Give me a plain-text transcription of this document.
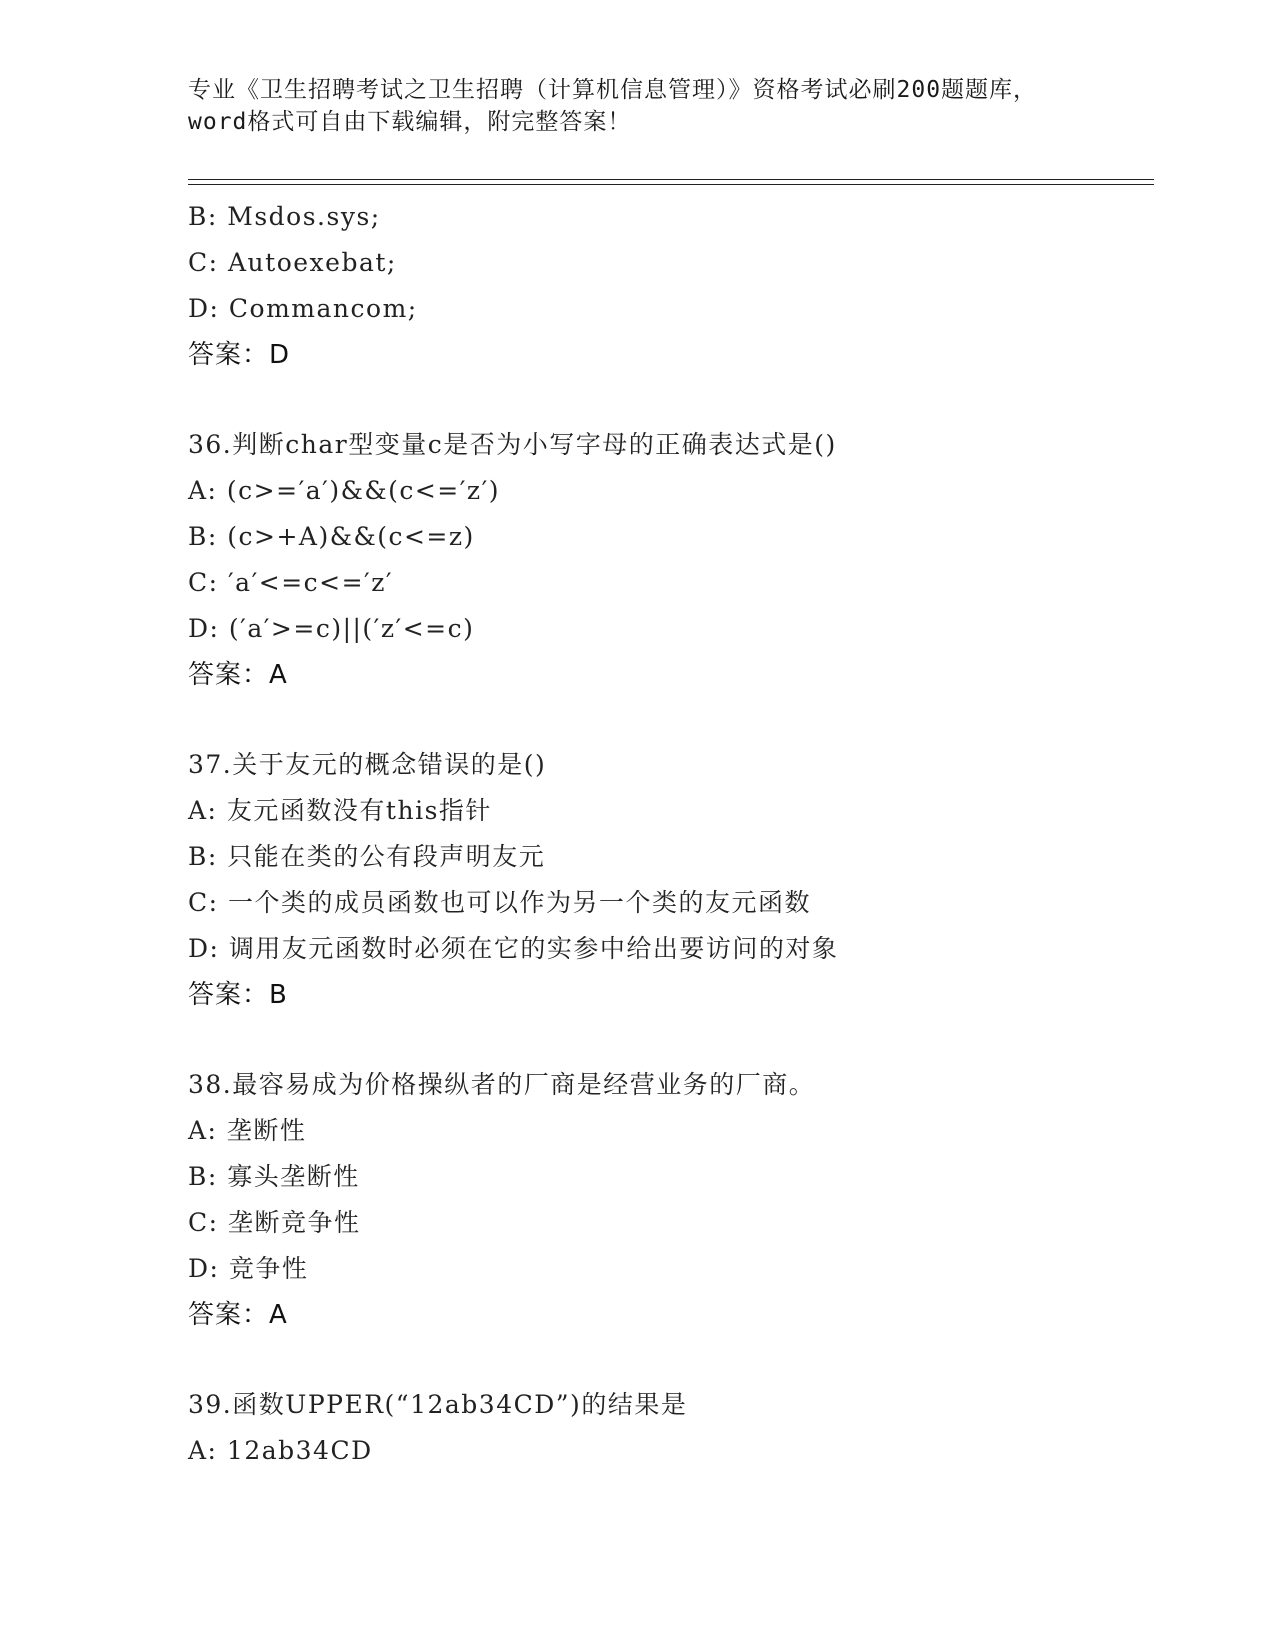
专业《卫生招聘考试之卫生招聘（计算机信息管理）》资格考试必刷200题题库，
word格式可自由下载编辑，附完整答案！
B: Msdos.sys;
C: Autoexebat;
D: Commancom;
答案：D
36.判断char型变量c是否为小写字母的正确表达式是()
A: (c>=′a′)&&(c<=′z′)
B: (c>+A)&&(c<=z)
C: ′a′<=c<=′z′
D: (′a′>=c)||(′z′<=c)
答案：A
37.关于友元的概念错误的是()
A: 友元函数没有this指针
B: 只能在类的公有段声明友元
C: 一个类的成员函数也可以作为另一个类的友元函数
D: 调用友元函数时必须在它的实参中给出要访问的对象
答案：B
38.最容易成为价格操纵者的厂商是经营业务的厂商。
A: 垄断性
B: 寡头垄断性
C: 垄断竞争性
D: 竞争性
答案：A
39.函数UPPER(“12ab34CD”)的结果是
A: 12ab34CD
